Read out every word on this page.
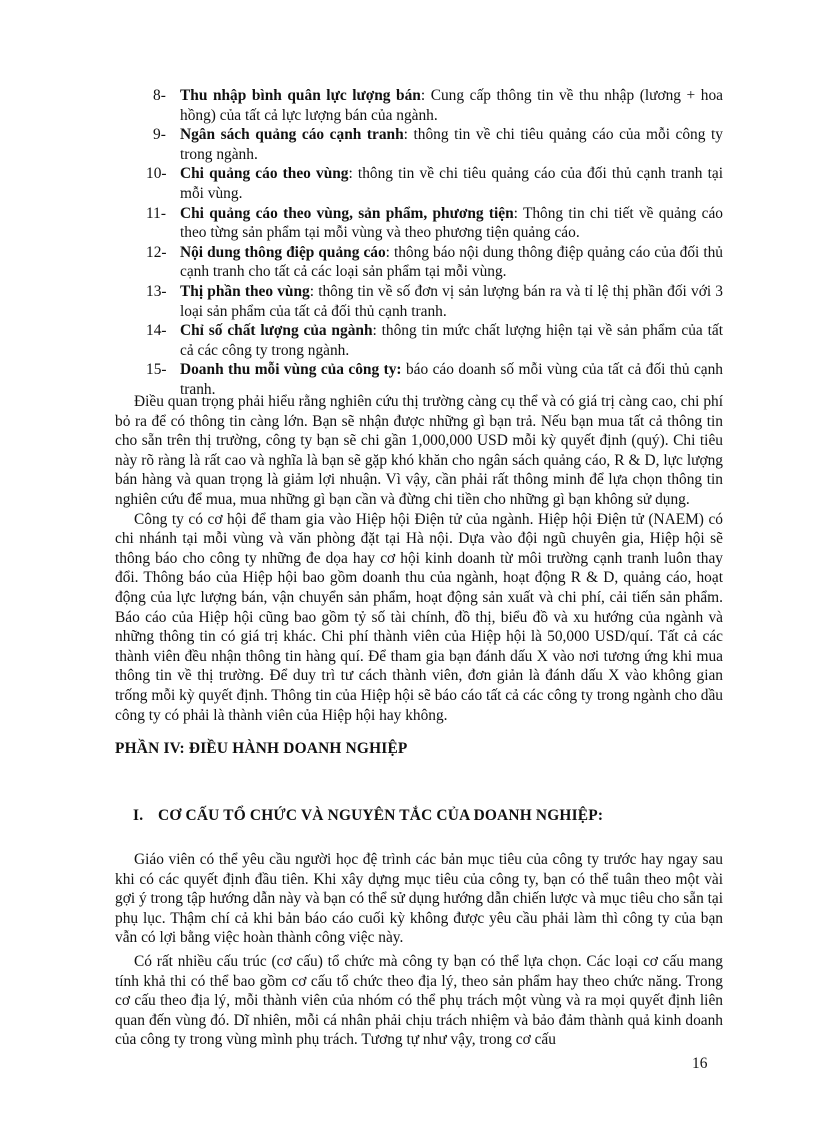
8- Thu nhập bình quân lực lượng bán: Cung cấp thông tin về thu nhập (lương + hoa hồng) của tất cả lực lượng bán của ngành.
9- Ngân sách quảng cáo cạnh tranh: thông tin về chi tiêu quảng cáo của mỗi công ty trong ngành.
10- Chi quảng cáo theo vùng: thông tin về chi tiêu quảng cáo của đối thủ cạnh tranh tại mỗi vùng.
11- Chi quảng cáo theo vùng, sản phẩm, phương tiện: Thông tin chi tiết về quảng cáo theo từng sản phẩm tại mỗi vùng và theo phương tiện quảng cáo.
12- Nội dung thông điệp quảng cáo: thông báo nội dung thông điệp quảng cáo của đối thủ cạnh tranh cho tất cả các loại sản phẩm tại mỗi vùng.
13- Thị phần theo vùng: thông tin về số đơn vị sản lượng bán ra và tỉ lệ thị phần đối với 3 loại sản phẩm của tất cả đối thủ cạnh tranh.
14- Chỉ số chất lượng của ngành: thông tin mức chất lượng hiện tại về sản phẩm của tất cả các công ty trong ngành.
15- Doanh thu mỗi vùng của công ty: báo cáo doanh số mỗi vùng của tất cả đối thủ cạnh tranh.

Điều quan trọng phải hiểu rằng nghiên cứu thị trường càng cụ thể và có giá trị càng cao, chi phí bỏ ra để có thông tin càng lớn. Bạn sẽ nhận được những gì bạn trả. Nếu bạn mua tất cả thông tin cho sẵn trên thị trường, công ty bạn sẽ chi gần 1,000,000 USD mỗi kỳ quyết định (quý). Chi tiêu này rõ ràng là rất cao và nghĩa là bạn sẽ gặp khó khăn cho ngân sách quảng cáo, R & D, lực lượng bán hàng và quan trọng là giảm lợi nhuận. Vì vậy, cần phải rất thông minh để lựa chọn thông tin nghiên cứu để mua, mua những gì bạn cần và đừng chi tiền cho những gì bạn không sử dụng.

Công ty có cơ hội để tham gia vào Hiệp hội Điện tử của ngành. Hiệp hội Điện tử (NAEM) có chi nhánh tại mỗi vùng và văn phòng đặt tại Hà nội. Dựa vào đội ngũ chuyên gia, Hiệp hội sẽ thông báo cho công ty những đe dọa hay cơ hội kinh doanh từ môi trường cạnh tranh luôn thay đổi. Thông báo của Hiệp hội bao gồm doanh thu của ngành, hoạt động R & D, quảng cáo, hoạt động của lực lượng bán, vận chuyển sản phẩm, hoạt động sản xuất và chi phí, cải tiến sản phẩm. Báo cáo của Hiệp hội cũng bao gồm tỷ số tài chính, đồ thị, biểu đồ và xu hướng của ngành và những thông tin có giá trị khác. Chi phí thành viên của Hiệp hội là 50,000 USD/quí. Tất cả các thành viên đều nhận thông tin hàng quí. Để tham gia bạn đánh dấu X vào nơi tương ứng khi mua thông tin về thị trường. Để duy trì tư cách thành viên, đơn giản là đánh dấu X vào không gian trống mỗi kỳ quyết định. Thông tin của Hiệp hội sẽ báo cáo tất cả các công ty trong ngành cho dầu công ty có phải là thành viên của Hiệp hội hay không.

PHẦN IV: ĐIỀU HÀNH DOANH NGHIỆP
I. CƠ CẤU TỔ CHỨC VÀ NGUYÊN TẮC CỦA DOANH NGHIỆP:

Giáo viên có thể yêu cầu người học đệ trình các bản mục tiêu của công ty trước hay ngay sau khi có các quyết định đầu tiên. Khi xây dựng mục tiêu của công ty, bạn có thể tuân theo một vài gợi ý trong tập hướng dẫn này và bạn có thể sử dụng hướng dẫn chiến lược và mục tiêu cho sẵn tại phụ lục. Thậm chí cả khi bản báo cáo cuối kỳ không được yêu cầu phải làm thì công ty của bạn vẫn có lợi bằng việc hoàn thành công việc này.

Có rất nhiều cấu trúc (cơ cấu) tổ chức mà công ty bạn có thể lựa chọn. Các loại cơ cấu mang tính khả thi có thể bao gồm cơ cấu tổ chức theo địa lý, theo sản phẩm hay theo chức năng. Trong cơ cấu theo địa lý, mỗi thành viên của nhóm có thể phụ trách một vùng và ra mọi quyết định liên quan đến vùng đó. Dĩ nhiên, mỗi cá nhân phải chịu trách nhiệm và bảo đảm thành quả kinh doanh của công ty trong vùng mình phụ trách. Tương tự như vậy, trong cơ cấu

16
